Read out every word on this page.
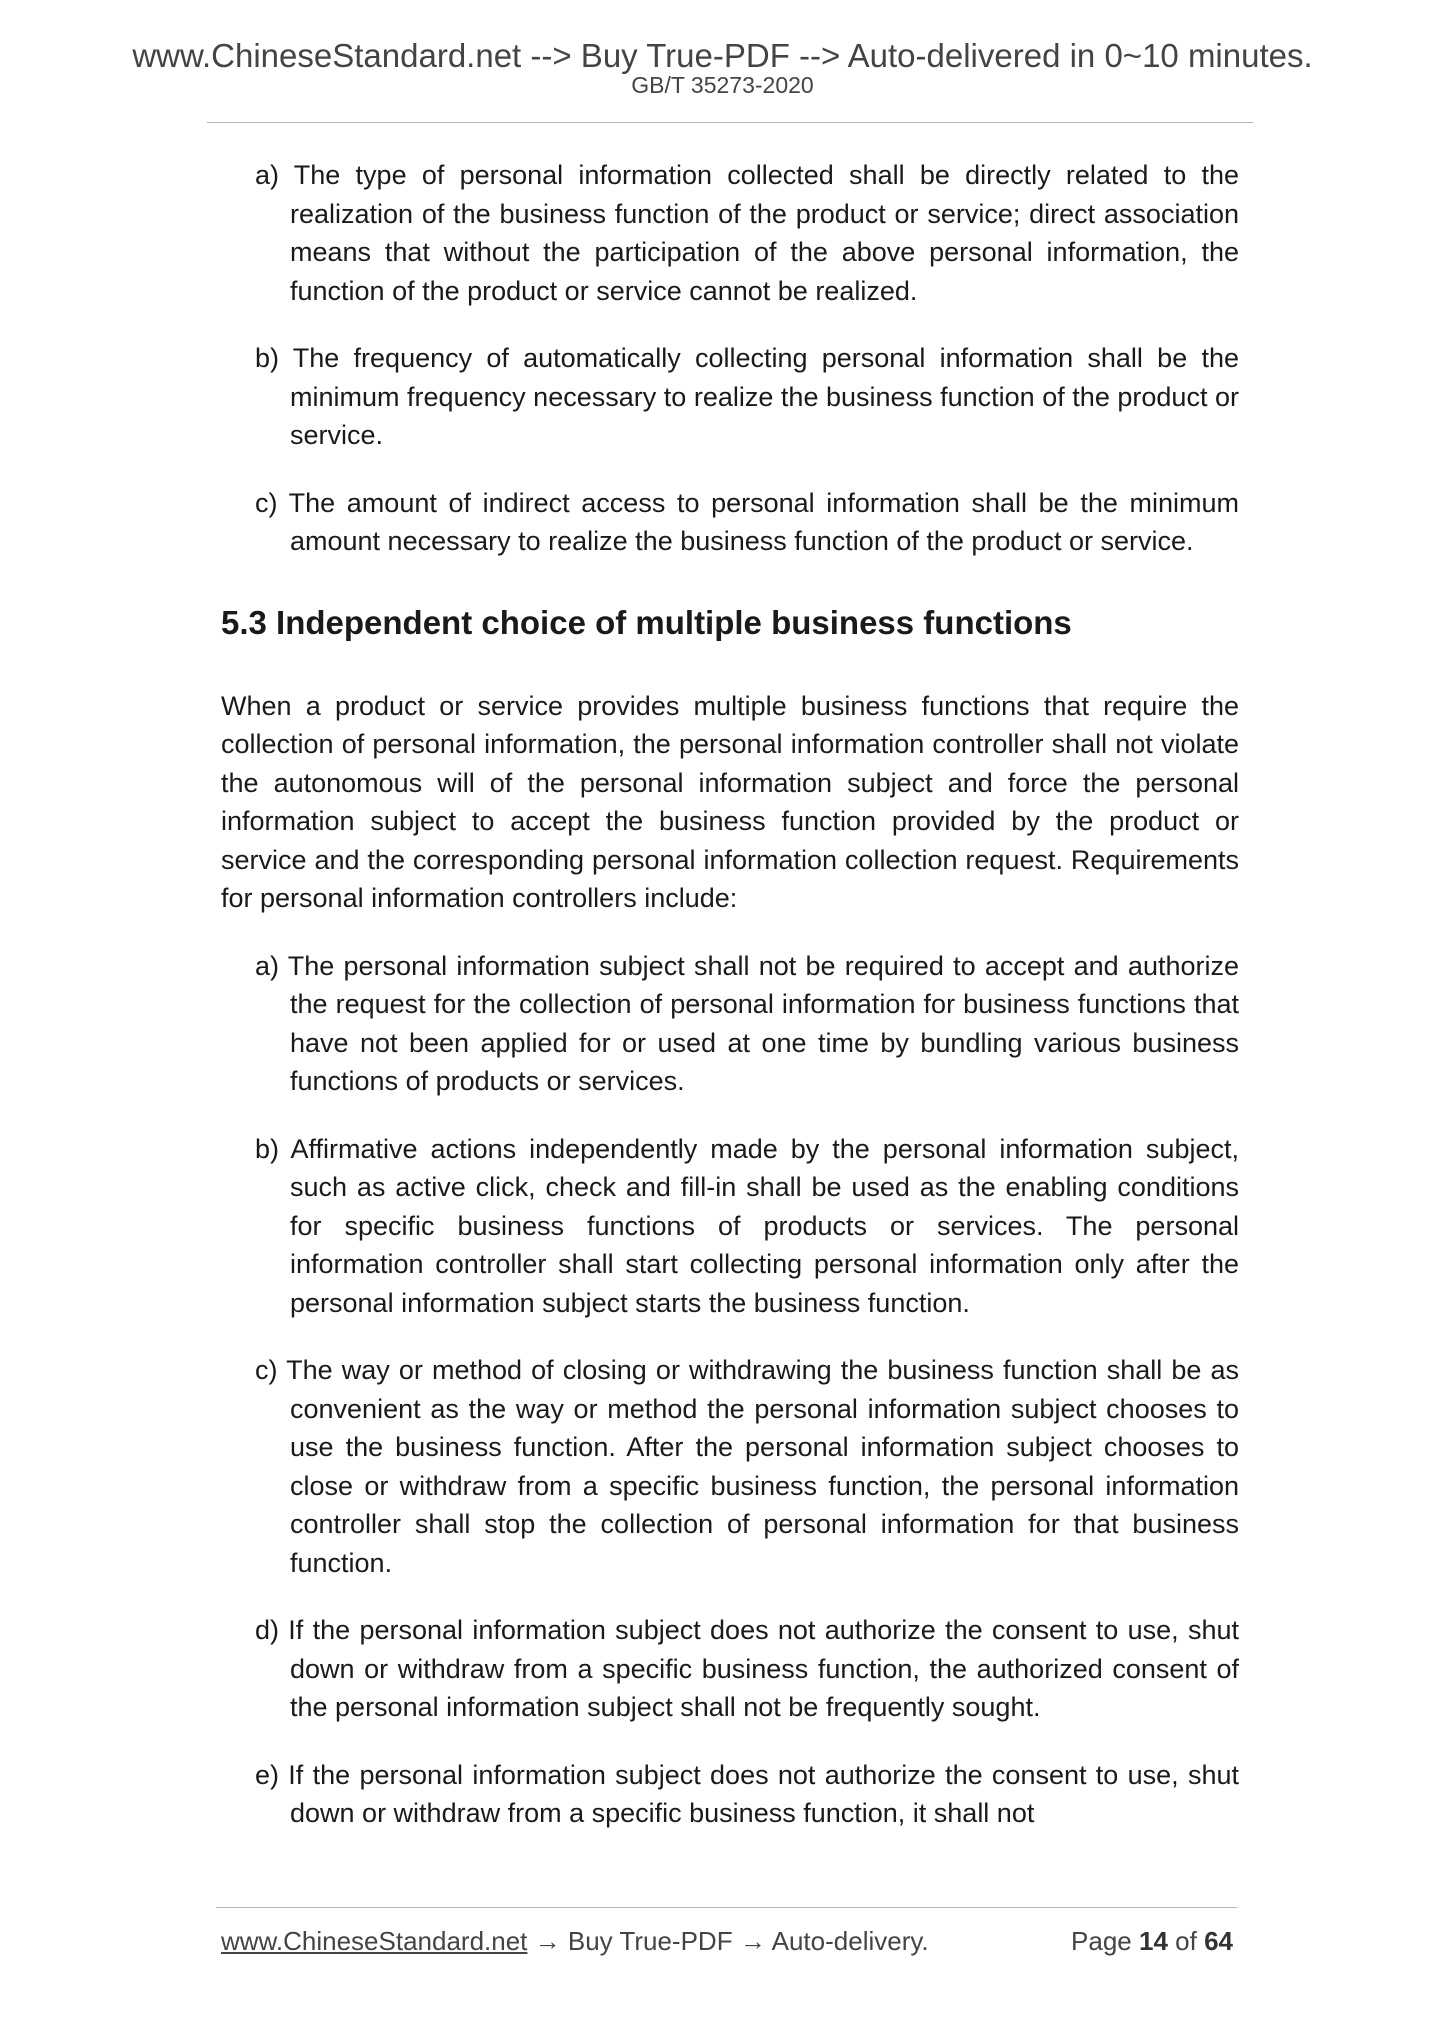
www.ChineseStandard.net --> Buy True-PDF --> Auto-delivered in 0~10 minutes.
GB/T 35273-2020

a) The type of personal information collected shall be directly related to the realization of the business function of the product or service; direct association means that without the participation of the above personal information, the function of the product or service cannot be realized.

b) The frequency of automatically collecting personal information shall be the minimum frequency necessary to realize the business function of the product or service.

c) The amount of indirect access to personal information shall be the minimum amount necessary to realize the business function of the product or service.

5.3 Independent choice of multiple business functions

When a product or service provides multiple business functions that require the collection of personal information, the personal information controller shall not violate the autonomous will of the personal information subject and force the personal information subject to accept the business function provided by the product or service and the corresponding personal information collection request. Requirements for personal information controllers include:

a) The personal information subject shall not be required to accept and authorize the request for the collection of personal information for business functions that have not been applied for or used at one time by bundling various business functions of products or services.

b) Affirmative actions independently made by the personal information subject, such as active click, check and fill-in shall be used as the enabling conditions for specific business functions of products or services. The personal information controller shall start collecting personal information only after the personal information subject starts the business function.

c) The way or method of closing or withdrawing the business function shall be as convenient as the way or method the personal information subject chooses to use the business function. After the personal information subject chooses to close or withdraw from a specific business function, the personal information controller shall stop the collection of personal information for that business function.

d) If the personal information subject does not authorize the consent to use, shut down or withdraw from a specific business function, the authorized consent of the personal information subject shall not be frequently sought.

e) If the personal information subject does not authorize the consent to use, shut down or withdraw from a specific business function, it shall not

www.ChineseStandard.net → Buy True-PDF → Auto-delivery.	Page 14 of 64
